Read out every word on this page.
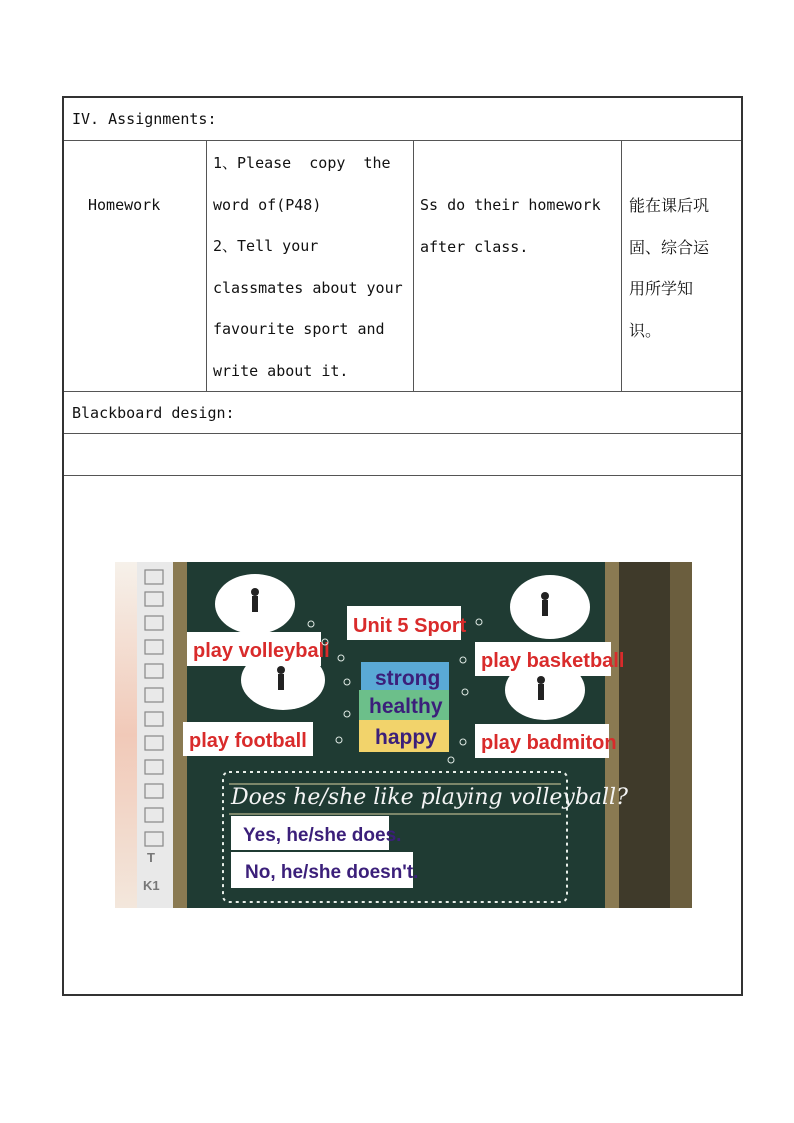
IV. Assignments:
Homework
1、Please  copy  the
word of(P48)
2、Tell your
classmates about your
favourite sport and
write about it.
Ss do their homework
after class.
能在课后巩
固、综合运
用所学知
识。
Blackboard design:
T
K1
play volleyball	play basketball
play football	play badmiton
Unit 5 Sport
strong
healthy
happy
Does he/she like playing volleyball?
Yes, he/she does.
No, he/she doesn't.
